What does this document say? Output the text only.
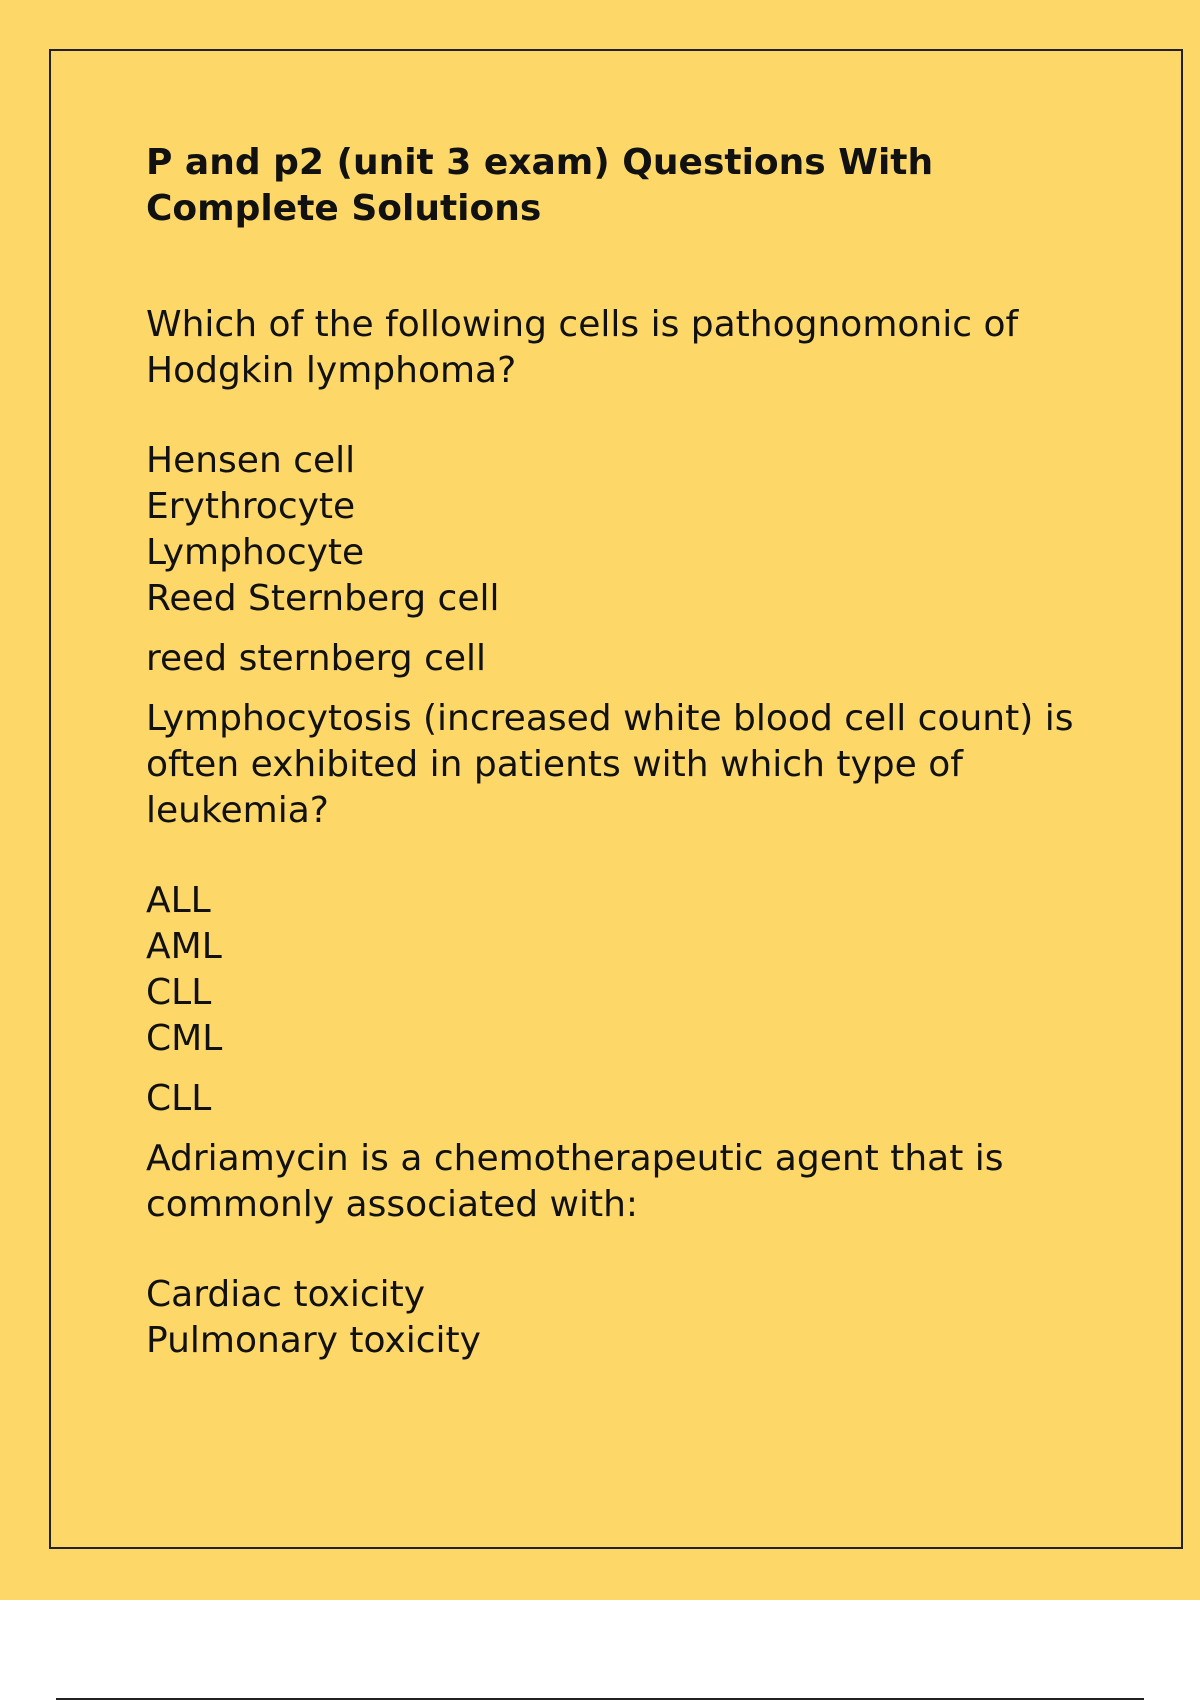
P and p2 (unit 3 exam) Questions With Complete Solutions

Which of the following cells is pathognomonic of Hodgkin lymphoma?

Hensen cell
Erythrocyte
Lymphocyte
Reed Sternberg cell
reed sternberg cell

Lymphocytosis (increased white blood cell count) is often exhibited in patients with which type of leukemia?

ALL
AML
CLL
CML
CLL

Adriamycin is a chemotherapeutic agent that is commonly associated with:

Cardiac toxicity
Pulmonary toxicity
